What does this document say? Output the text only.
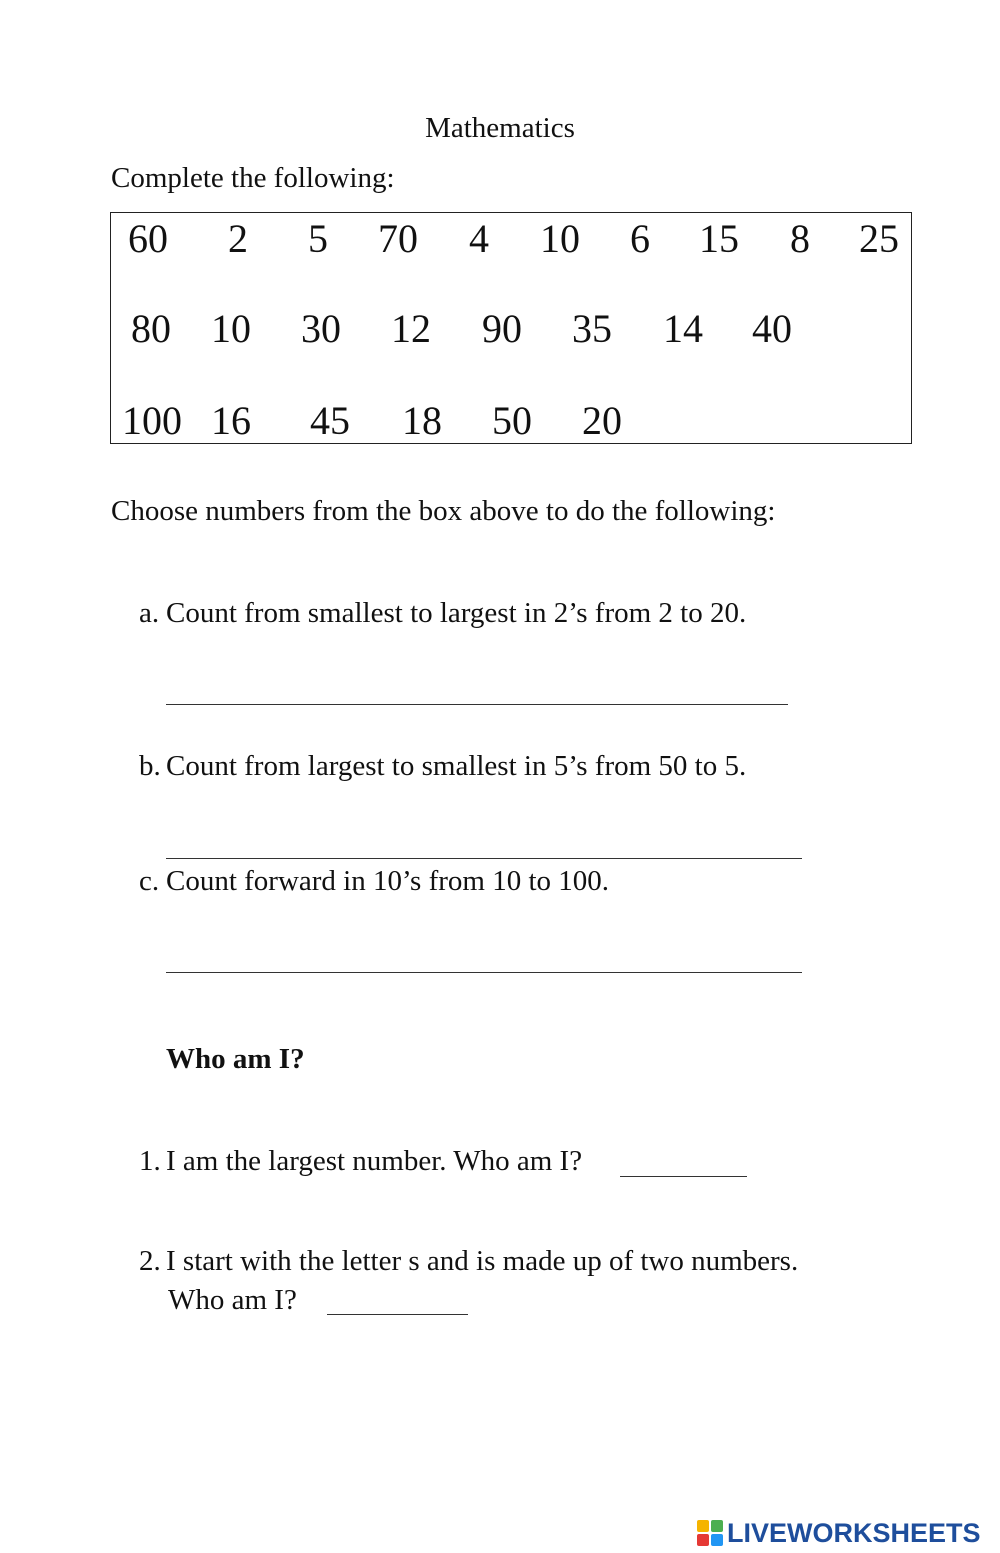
Mathematics
Complete the following:
60 2 5 70 4 10 6 15 8 25
80 10 30 12 90 35 14 40
100 16 45 18 50 20
Choose numbers from the box above to do the following:
a. Count from smallest to largest in 2’s from 2 to 20.
b. Count from largest to smallest in 5’s from 50 to 5.
c. Count forward in 10’s from 10 to 100.
Who am I?
1. I am the largest number. Who am I?
2. I start with the letter s and is made up of two numbers.
Who am I?
LIVEWORKSHEETS
